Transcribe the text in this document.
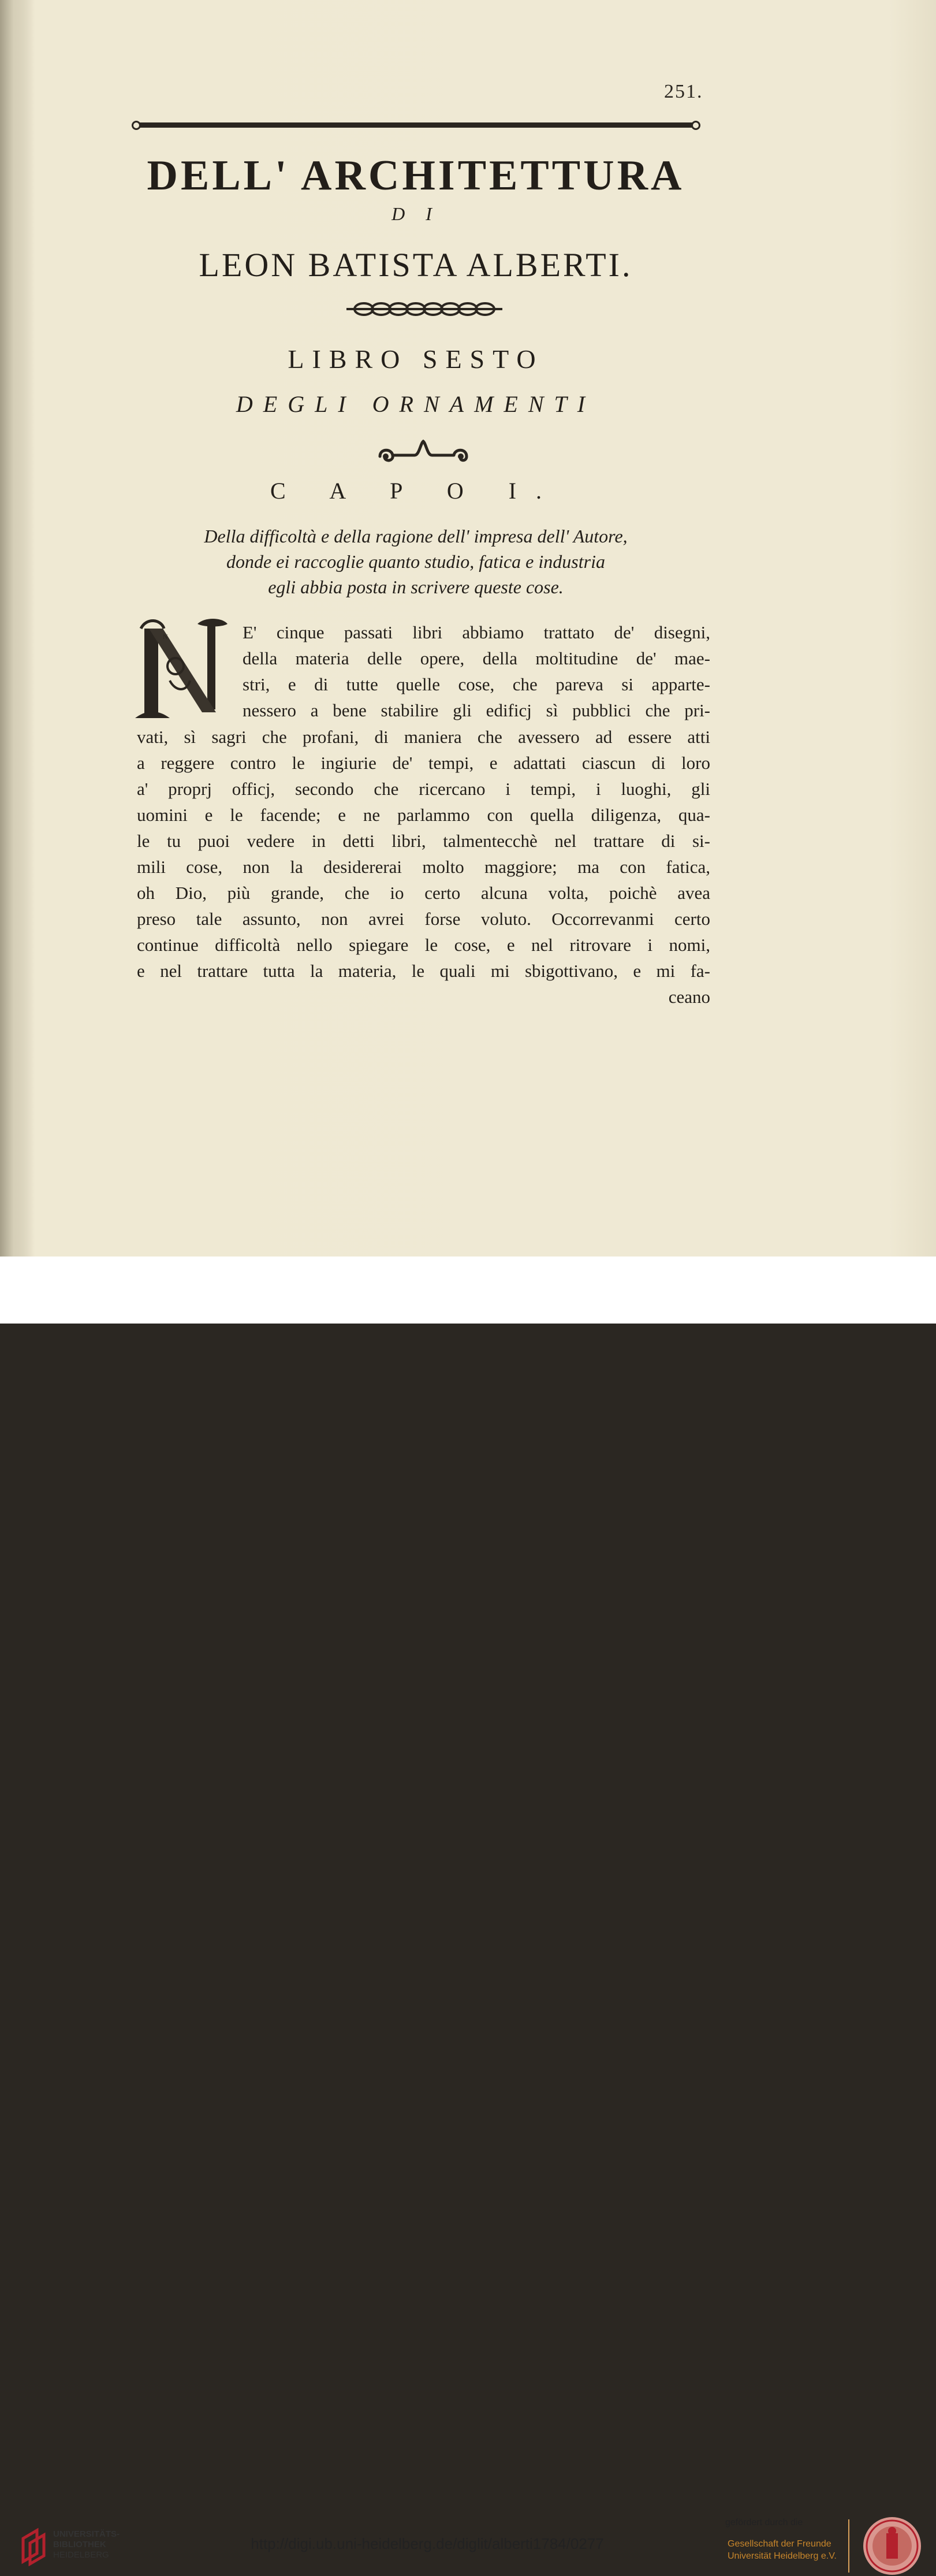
251.
DELL' ARCHITETTURA
D I
LEON BATISTA ALBERTI.
LIBRO SESTO
DEGLI ORNAMENTI
C A P O I.
Della difficoltà e della ragione dell' impresa dell' Autore,
donde ei raccoglie quanto studio, fatica e industria
egli abbia posta in scrivere queste cose.
N	E' cinque passati libri abbiamo trattato de' disegni,
della materia delle opere, della moltitudine de' mae-
stri, e di tutte quelle cose, che pareva si apparte-
nessero a bene stabilire gli edificj sì pubblici che pri-
vati, sì sagri che profani, di maniera che avessero ad essere atti
a reggere contro le ingiurie de' tempi, e adattati ciascun di loro
a' proprj officj, secondo che ricercano i tempi, i luoghi, gli
uomini e le facende; e ne parlammo con quella diligenza, qua-
le tu puoi vedere in detti libri, talmentecchè nel trattare di si-
mili cose, non la desidererai molto maggiore; ma con fatica,
oh Dio, più grande, che io certo alcuna volta, poichè avea
preso tale assunto, non avrei forse voluto. Occorrevanmi certo
continue difficoltà nello spiegare le cose, e nel ritrovare i nomi,
e nel trattare tutta la materia, le quali mi sbigottivano, e mi fa-
ceano
UNIVERSITÄTS-
BIBLIOTHEK
HEIDELBERG
http://digi.ub.uni-heidelberg.de/diglit/alberti1784/0277
gefördert durch die
Gesellschaft der Freunde
Universität Heidelberg e.V.
